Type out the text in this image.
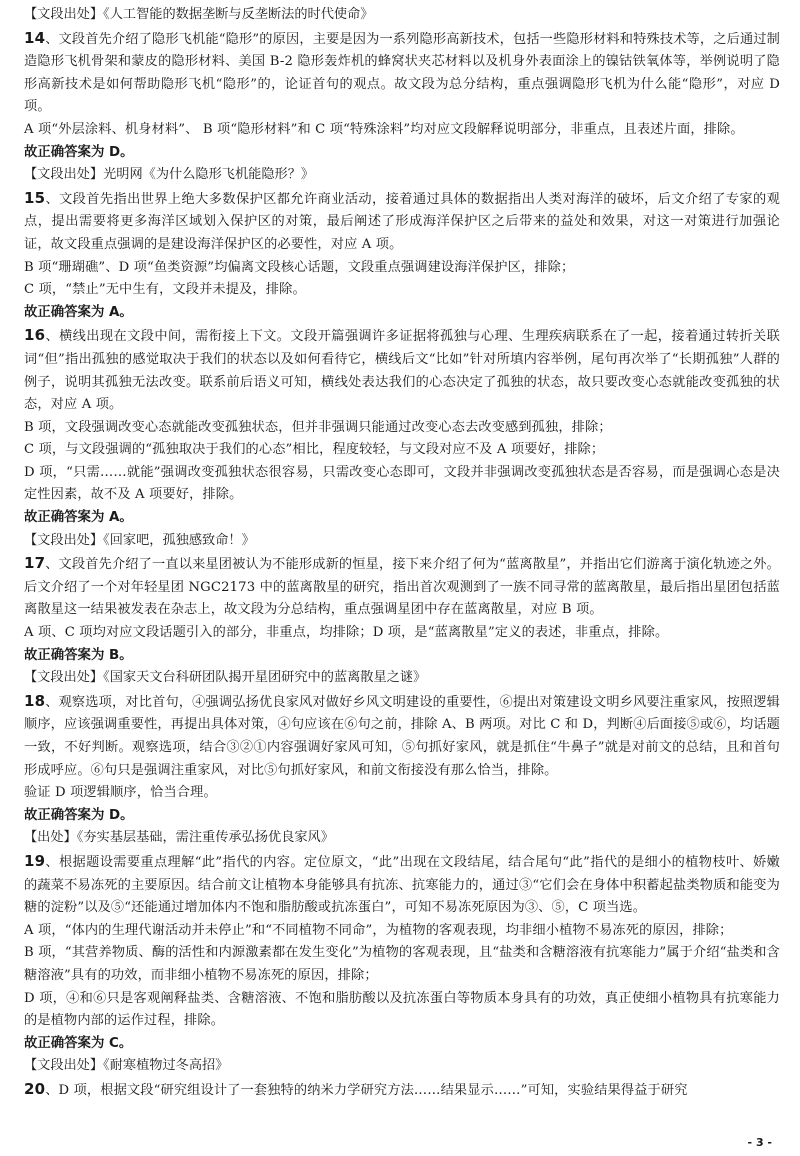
【文段出处】《人工智能的数据垄断与反垄断法的时代使命》

14、文段首先介绍了隐形飞机能“隐形”的原因，主要是因为一系列隐形高新技术，包括一些隐形材料和特殊技术等，之后通过制造隐形飞机骨架和蒙皮的隐形材料、美国 B-2 隐形轰炸机的蜂窝状夹芯材料以及机身外表面涂上的镍钴铁氧体等，举例说明了隐形高新技术是如何帮助隐形飞机“隐形”的，论证首句的观点。故文段为总分结构，重点强调隐形飞机为什么能“隐形”，对应 D 项。

A 项“外层涂料、机身材料”、 B 项“隐形材料”和 C 项“特殊涂料”均对应文段解释说明部分，非重点，且表述片面，排除。

故正确答案为 D。

【文段出处】光明网《为什么隐形飞机能隐形？》

15、文段首先指出世界上绝大多数保护区都允许商业活动，接着通过具体的数据指出人类对海洋的破坏，后文介绍了专家的观点，提出需要将更多海洋区域划入保护区的对策，最后阐述了形成海洋保护区之后带来的益处和效果，对这一对策进行加强论证，故文段重点强调的是建设海洋保护区的必要性，对应 A 项。

B 项“珊瑚礁”、D 项“鱼类资源”均偏离文段核心话题，文段重点强调建设海洋保护区，排除；

C 项，“禁止”无中生有，文段并未提及，排除。

故正确答案为 A。

16、横线出现在文段中间，需衔接上下文。文段开篇强调许多证据将孤独与心理、生理疾病联系在了一起，接着通过转折关联词“但”指出孤独的感觉取决于我们的状态以及如何看待它，横线后文“比如”针对所填内容举例，尾句再次举了“长期孤独”人群的例子，说明其孤独无法改变。联系前后语义可知，横线处表达我们的心态决定了孤独的状态，故只要改变心态就能改变孤独的状态，对应 A 项。

B 项，文段强调改变心态就能改变孤独状态，但并非强调只能通过改变心态去改变感到孤独，排除；

C 项，与文段强调的“孤独取决于我们的心态”相比，程度较轻，与文段对应不及 A 项要好，排除；

D 项，“只需……就能”强调改变孤独状态很容易，只需改变心态即可，文段并非强调改变孤独状态是否容易，而是强调心态是决定性因素，故不及 A 项要好，排除。

故正确答案为 A。

【文段出处】《回家吧，孤独感致命！》

17、文段首先介绍了一直以来星团被认为不能形成新的恒星，接下来介绍了何为“蓝离散星”，并指出它们游离于演化轨迹之外。后文介绍了一个对年轻星团 NGC2173 中的蓝离散星的研究，指出首次观测到了一族不同寻常的蓝离散星，最后指出星团包括蓝离散星这一结果被发表在杂志上，故文段为分总结构，重点强调星团中存在蓝离散星，对应 B 项。

A 项、C 项均对应文段话题引入的部分，非重点，均排除；D 项，是“蓝离散星”定义的表述，非重点，排除。

故正确答案为 B。

【文段出处】《国家天文台科研团队揭开星团研究中的蓝离散星之谜》

18、观察选项，对比首句，④强调弘扬优良家风对做好乡风文明建设的重要性，⑥提出对策建设文明乡风要注重家风，按照逻辑顺序，应该强调重要性，再提出具体对策，④句应该在⑥句之前，排除 A、B 两项。对比 C 和 D，判断④后面接⑤或⑥，均话题一致，不好判断。观察选项，结合③②①内容强调好家风可知，⑤句抓好家风，就是抓住“牛鼻子”就是对前文的总结，且和首句形成呼应。⑥句只是强调注重家风，对比⑤句抓好家风，和前文衔接没有那么恰当，排除。

验证 D 项逻辑顺序，恰当合理。

故正确答案为 D。

【出处】《夯实基层基础，需注重传承弘扬优良家风》

19、根据题设需要重点理解“此”指代的内容。定位原文，“此”出现在文段结尾，结合尾句“此”指代的是细小的植物枝叶、娇嫩的蔬菜不易冻死的主要原因。结合前文让植物本身能够具有抗冻、抗寒能力的，通过③“它们会在身体中积蓄起盐类物质和能变为糖的淀粉”以及⑤“还能通过增加体内不饱和脂肪酸或抗冻蛋白”，可知不易冻死原因为③、⑤，C 项当选。

A 项，“体内的生理代谢活动并未停止”和“不同植物不同命”，为植物的客观表现，均非细小植物不易冻死的原因，排除；

B 项，“其营养物质、酶的活性和内源激素都在发生变化”为植物的客观表现，且“盐类和含糖溶液有抗寒能力”属于介绍“盐类和含糖溶液”具有的功效，而非细小植物不易冻死的原因，排除；

D 项，④和⑥只是客观阐释盐类、含糖溶液、不饱和脂肪酸以及抗冻蛋白等物质本身具有的功效，真正使细小植物具有抗寒能力的是植物内部的运作过程，排除。

故正确答案为 C。

【文段出处】《耐寒植物过冬高招》

20、D 项，根据文段“研究组设计了一套独特的纳米力学研究方法……结果显示……”可知，实验结果得益于研究

- 3 -
